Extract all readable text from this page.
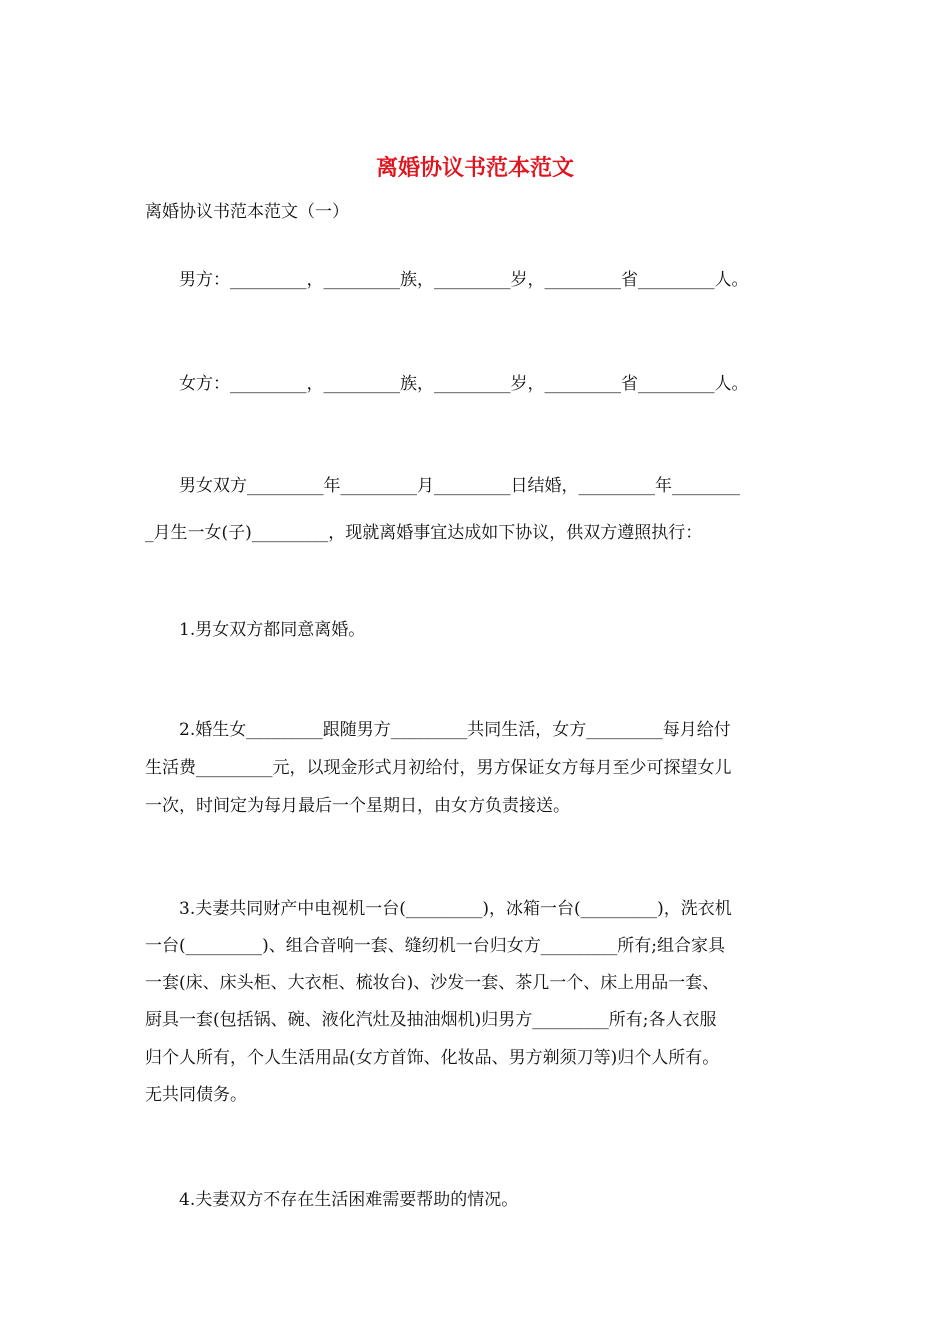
离婚协议书范本范文
离婚协议书范本范文（一）
　　男方：_________，_________族，_________岁，_________省_________人。
　　女方：_________，_________族，_________岁，_________省_________人。
　　男女双方_________年_________月_________日结婚，_________年________
_月生一女(子)_________，现就离婚事宜达成如下协议，供双方遵照执行：
　　1.男女双方都同意离婚。
　　2.婚生女_________跟随男方_________共同生活，女方_________每月给付
生活费_________元，以现金形式月初给付，男方保证女方每月至少可探望女儿
一次，时间定为每月最后一个星期日，由女方负责接送。
　　3.夫妻共同财产中电视机一台(_________)，冰箱一台(_________)，洗衣机
一台(_________)、组合音响一套、缝纫机一台归女方_________所有;组合家具
一套(床、床头柜、大衣柜、梳妆台)、沙发一套、茶几一个、床上用品一套、
厨具一套(包括锅、碗、液化汽灶及抽油烟机)归男方_________所有;各人衣服
归个人所有，个人生活用品(女方首饰、化妆品、男方剃须刀等)归个人所有。
无共同债务。
　　4.夫妻双方不存在生活困难需要帮助的情况。
